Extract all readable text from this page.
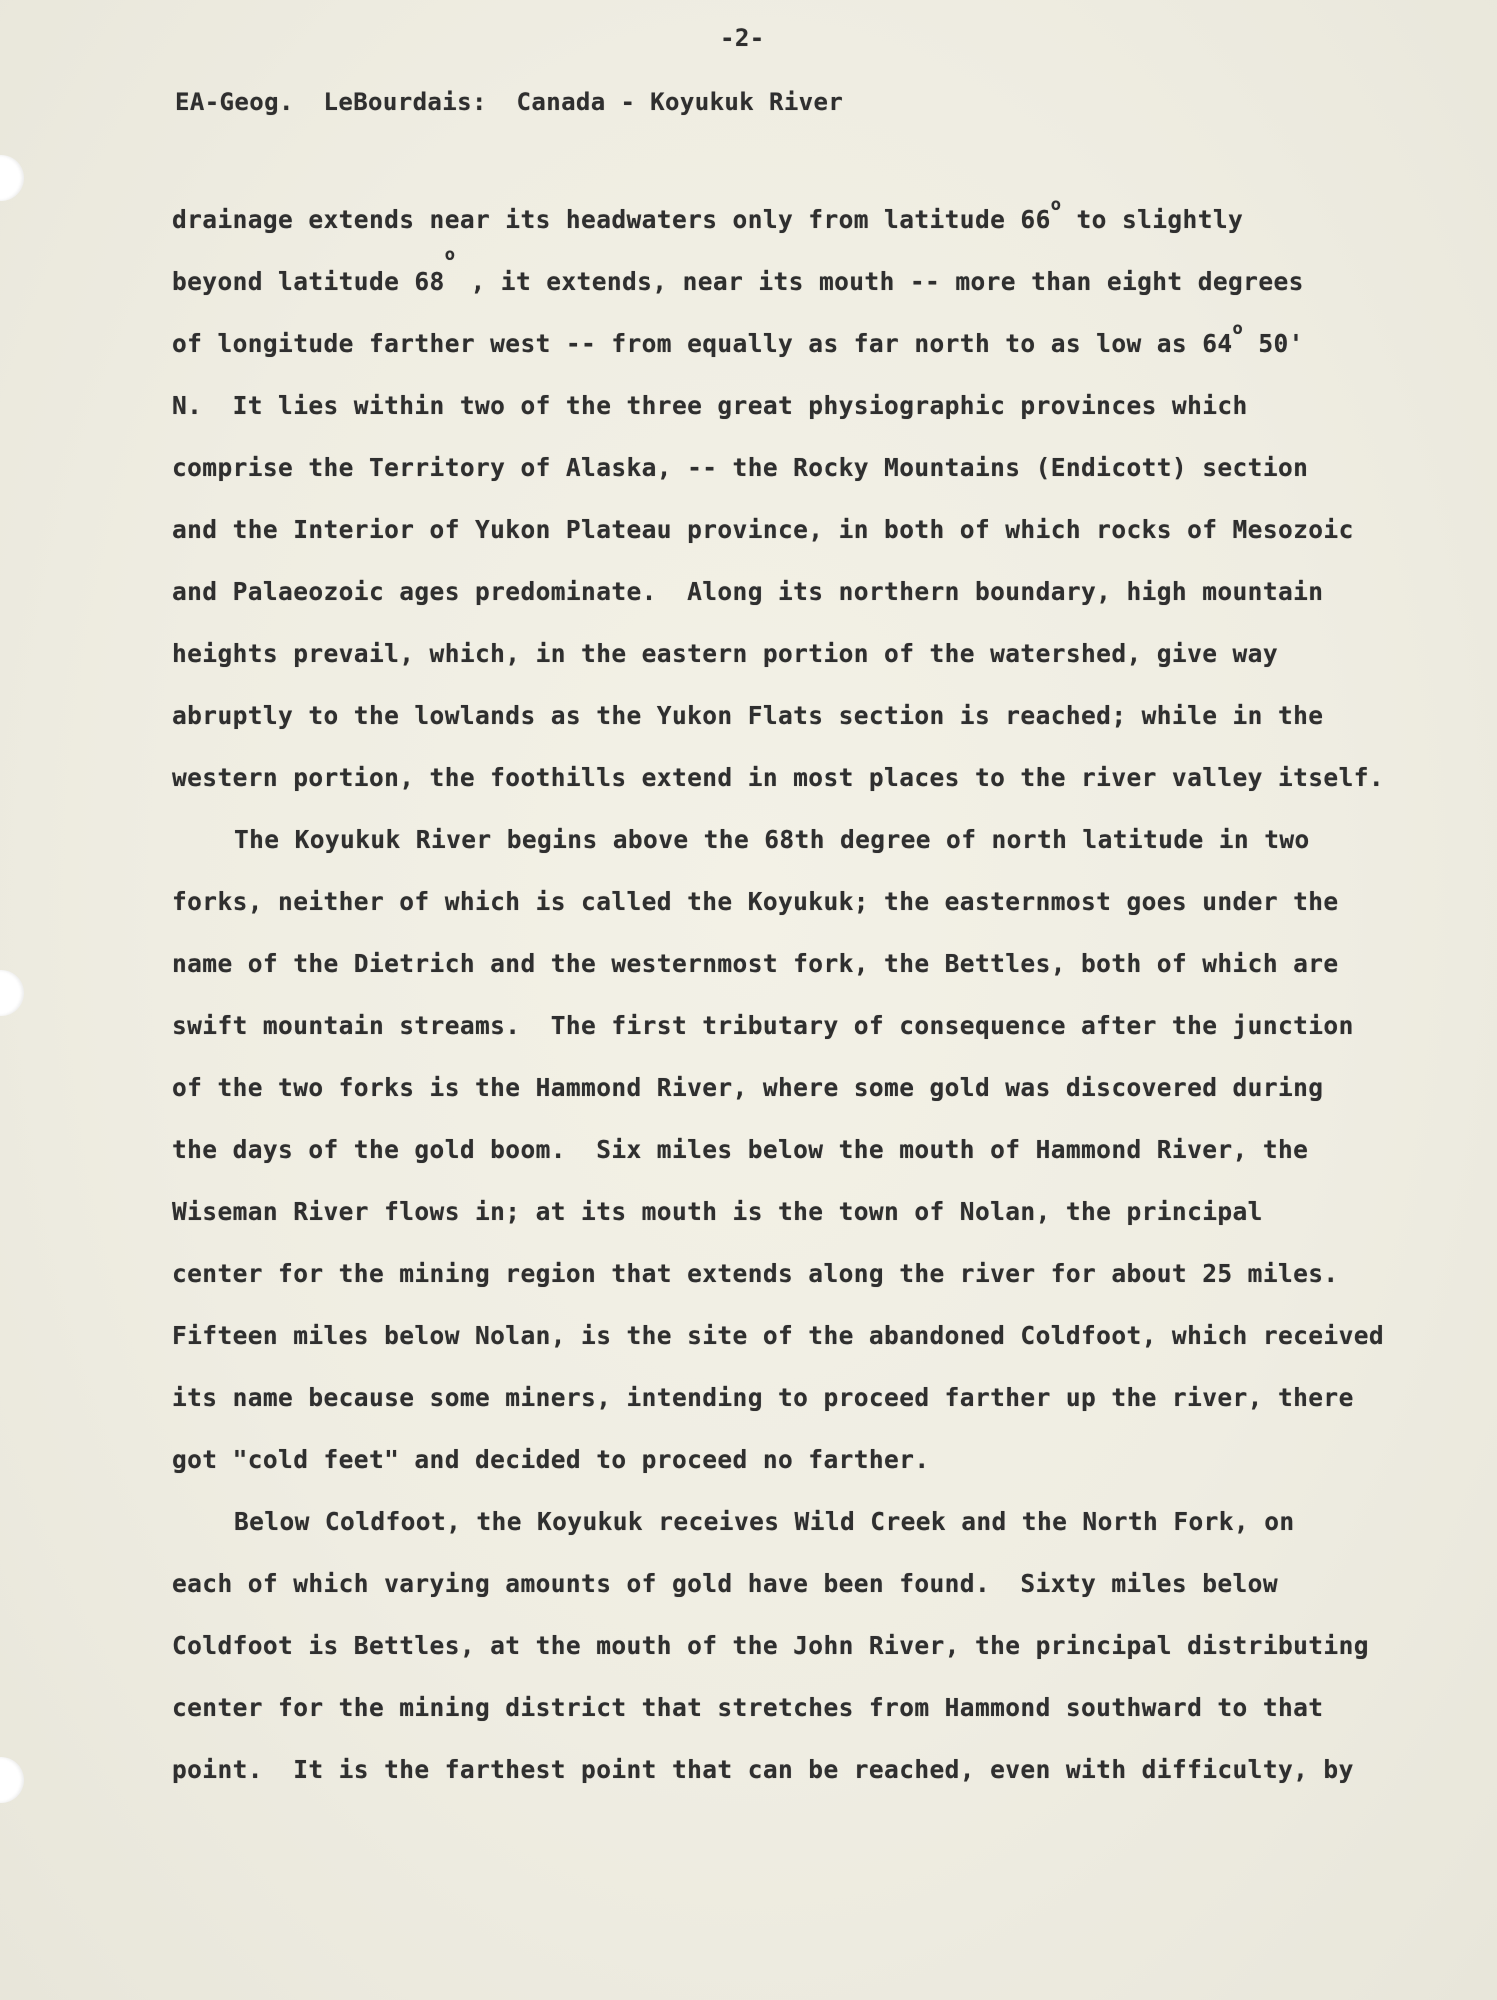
-2-
EA-Geog.  LeBourdais:  Canada - Koyukuk River
drainage extends near its headwaters only from latitude 66$^o$ to slightly
beyond latitude 68$^o$ , it extends, near its mouth -- more than eight degrees
of longitude farther west -- from equally as far north to as low as 64$^o$ 50'
N.  It lies within two of the three great physiographic provinces which
comprise the Territory of Alaska, -- the Rocky Mountains (Endicott) section
and the Interior of Yukon Plateau province, in both of which rocks of Mesozoic
and Palaeozoic ages predominate.  Along its northern boundary, high mountain
heights prevail, which, in the eastern portion of the watershed, give way
abruptly to the lowlands as the Yukon Flats section is reached; while in the
western portion, the foothills extend in most places to the river valley itself.
The Koyukuk River begins above the 68th degree of north latitude in two
forks, neither of which is called the Koyukuk; the easternmost goes under the
name of the Dietrich and the westernmost fork, the Bettles, both of which are
swift mountain streams.  The first tributary of consequence after the junction
of the two forks is the Hammond River, where some gold was discovered during
the days of the gold boom.  Six miles below the mouth of Hammond River, the
Wiseman River flows in; at its mouth is the town of Nolan, the principal
center for the mining region that extends along the river for about 25 miles.
Fifteen miles below Nolan, is the site of the abandoned Coldfoot, which received
its name because some miners, intending to proceed farther up the river, there
got "cold feet" and decided to proceed no farther.
Below Coldfoot, the Koyukuk receives Wild Creek and the North Fork, on
each of which varying amounts of gold have been found.  Sixty miles below
Coldfoot is Bettles, at the mouth of the John River, the principal distributing
center for the mining district that stretches from Hammond southward to that
point.  It is the farthest point that can be reached, even with difficulty, by
